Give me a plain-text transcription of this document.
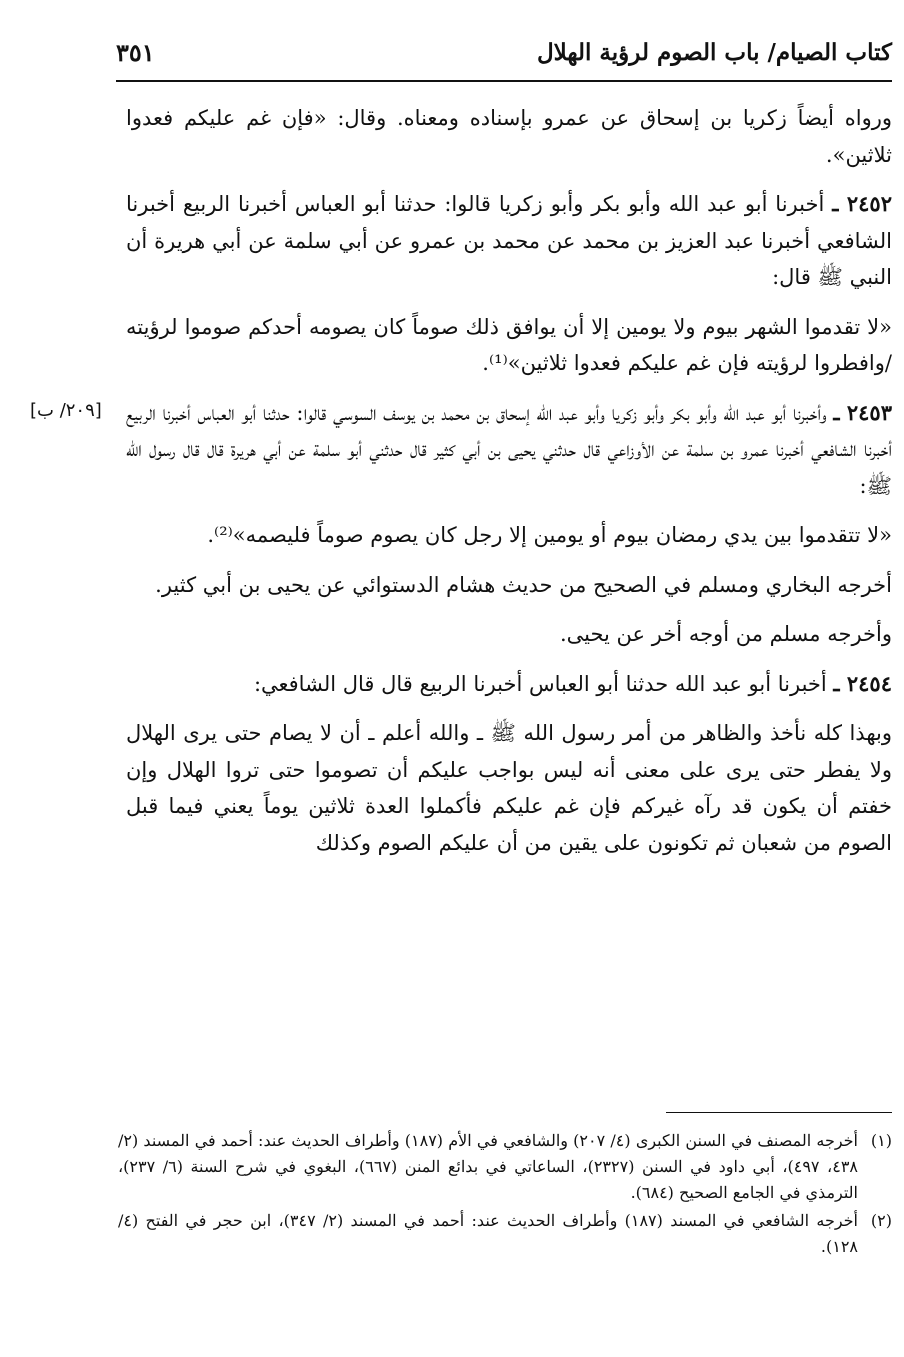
كتاب الصيام/ باب الصوم لرؤية الهلال
٣٥١
[٢٠٩/ ب]

ورواه أيضاً زكريا بن إسحاق عن عمرو بإسناده ومعناه. وقال: «فإن غم عليكم فعدوا ثلاثين».

٢٤٥٢ ـ أخبرنا أبو عبد الله وأبو بكر وأبو زكريا قالوا: حدثنا أبو العباس أخبرنا الربيع أخبرنا الشافعي أخبرنا عبد العزيز بن محمد عن محمد بن عمرو عن أبي سلمة عن أبي هريرة أن النبي ﷺ قال:

«لا تقدموا الشهر بيوم ولا يومين إلا أن يوافق ذلك صوماً كان يصومه أحدكم صوموا لرؤيته /وافطروا لرؤيته فإن غم عليكم فعدوا ثلاثين»⁽¹⁾.

٢٤٥٣ ـ وأخبرنا أبو عبد الله وأبو بكر وأبو زكريا وأبو عبد الله إسحاق بن محمد بن يوسف السوسي قالوا: حدثنا أبو العباس أخبرنا الربيع أخبرنا الشافعي أخبرنا عمرو بن سلمة عن الأوزاعي قال حدثني يحيى بن أبي كثير قال حدثني أبو سلمة عن أبي هريرة قال قال رسول الله ﷺ:

«لا تتقدموا بين يدي رمضان بيوم أو يومين إلا رجل كان يصوم صوماً فليصمه»⁽²⁾.

أخرجه البخاري ومسلم في الصحيح من حديث هشام الدستوائي عن يحيى بن أبي كثير.

وأخرجه مسلم من أوجه أخر عن يحيى.

٢٤٥٤ ـ أخبرنا أبو عبد الله حدثنا أبو العباس أخبرنا الربيع قال قال الشافعي:

وبهذا كله نأخذ والظاهر من أمر رسول الله ﷺ ـ والله أعلم ـ أن لا يصام حتى يرى الهلال ولا يفطر حتى يرى على معنى أنه ليس بواجب عليكم أن تصوموا حتى تروا الهلال وإن خفتم أن يكون قد رآه غيركم فإن غم عليكم فأكملوا العدة ثلاثين يوماً يعني فيما قبل الصوم من شعبان ثم تكونون على يقين من أن عليكم الصوم وكذلك

(١)
أخرجه المصنف في السنن الكبرى (٤/ ٢٠٧) والشافعي في الأم (١٨٧) وأطراف الحديث عند: أحمد في المسند (٢/ ٤٣٨، ٤٩٧)، أبي داود في السنن (٢٣٢٧)، الساعاتي في بدائع المنن (٦٦٧)، البغوي في شرح السنة (٦/ ٢٣٧)، الترمذي في الجامع الصحيح (٦٨٤).

(٢)
أخرجه الشافعي في المسند (١٨٧) وأطراف الحديث عند: أحمد في المسند (٢/ ٣٤٧)، ابن حجر في الفتح (٤/ ١٢٨).
